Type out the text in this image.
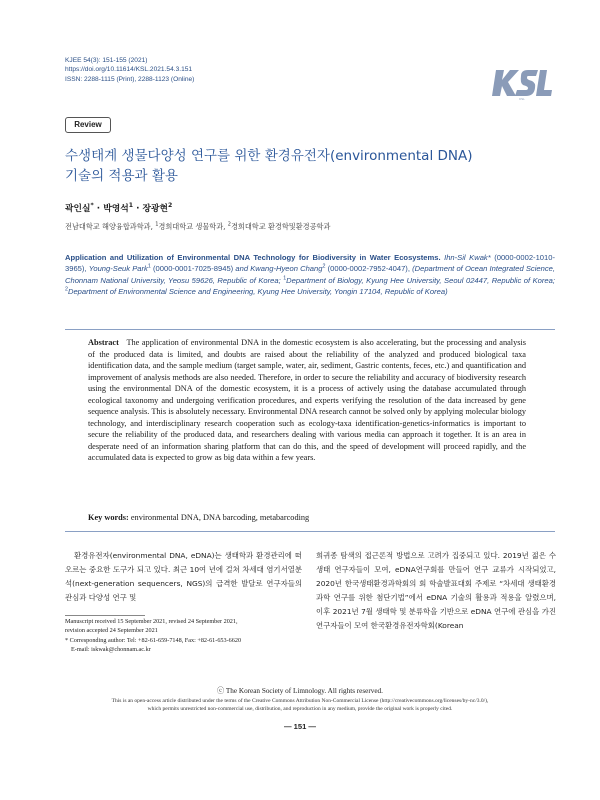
KJEE 54(3): 151-155 (2021)
https://doi.org/10.11614/KSL.2021.54.3.151
ISSN: 2288-1115 (Print), 2288-1123 (Online)
KSL
Review
수생태계 생물다양성 연구를 위한 환경유전자(environmental DNA)
기술의 적용과 활용
곽인실* · 박영석$^1$ · 장광현$^2$
전남대학교 해양융합과학과, $^1$경희대학교 생물학과, $^2$경희대학교 환경학및환경공학과
Application and Utilization of Environmental DNA Technology for Biodiversity in Water Ecosystems. Ihn-Sil Kwak* (0000-0002-1010-3965), Young-Seuk Park$^1$ (0000-0001-7025-8945) and Kwang-Hyeon Chang$^2$ (0000-0002-7952-4047), (Department of Ocean Integrated Science, Chonnam National University, Yeosu 59626, Republic of Korea; $^1$Department of Biology, Kyung Hee University, Seoul 02447, Republic of Korea; $^2$Department of Environmental Science and Engineering, Kyung Hee University, Yongin 17104, Republic of Korea)
Abstract The application of environmental DNA in the domestic ecosystem is also accelerating, but the processing and analysis of the produced data is limited, and doubts are raised about the reliability of the analyzed and produced biological taxa identification data, and the sample medium (target sample, water, air, sediment, Gastric contents, feces, etc.) and quantification and improvement of analysis methods are also needed. Therefore, in order to secure the reliability and accuracy of biodiversity research using the environmental DNA of the domestic ecosystem, it is a process of actively using the database accumulated through ecological taxonomy and undergoing verification procedures, and experts verifying the resolution of the data increased by gene sequence analysis. This is absolutely necessary. Environmental DNA research cannot be solved only by applying molecular biology technology, and interdisciplinary research cooperation such as ecology-taxa identification-genetics-informatics is important to secure the reliability of the produced data, and researchers dealing with various media can approach it together. It is an area in desperate need of an information sharing platform that can do this, and the speed of development will proceed rapidly, and the accumulated data is expected to grow as big data within a few years.
Key words: environmental DNA, DNA barcoding, metabarcoding
환경유전자(environmental DNA, eDNA)는 생태학과 환경관리에 떠오르는 중요한 도구가 되고 있다. 최근 10여 년에 걸쳐 차세대 염기서열분석(next-generation sequencers, NGS)의 급격한 발달로 연구자들의 관심과 다양성 연구 및
희귀종 탐색의 접근론적 방법으로 고려가 집중되고 있다. 2019년 젊은 수생태 연구자들이 모여, eDNA연구회를 만들어 연구 교류가 시작되었고, 2020년 한국생태환경과학회의 회 학술발표대회 주제로 “차세대 생태환경과학 연구를 위한 첨단기법”에서 eDNA 기술의 활용과 적용을 알렸으며, 이후 2021년 7월 생태학 및 분류학을 기반으로 eDNA 연구에 관심을 가진 연구자들이 모여 한국환경유전자학회(Korean
Manuscript received 15 September 2021, revised 24 September 2021,
revision accepted 24 September 2021
* Corresponding author: Tel: +82-61-659-7148, Fax: +82-61-653-6620
E-mail: iskwak@chonnam.ac.kr
ⓒ The Korean Society of Limnology. All rights reserved.
This is an open-access article distributed under the terms of the Creative Commons Attribution Non-Commercial License (http://creativecommons.org/licenses/by-nc/3.0/),
which permits unrestricted non-commercial use, distribution, and reproduction in any medium, provide the original work is properly cited.
— 151 —
